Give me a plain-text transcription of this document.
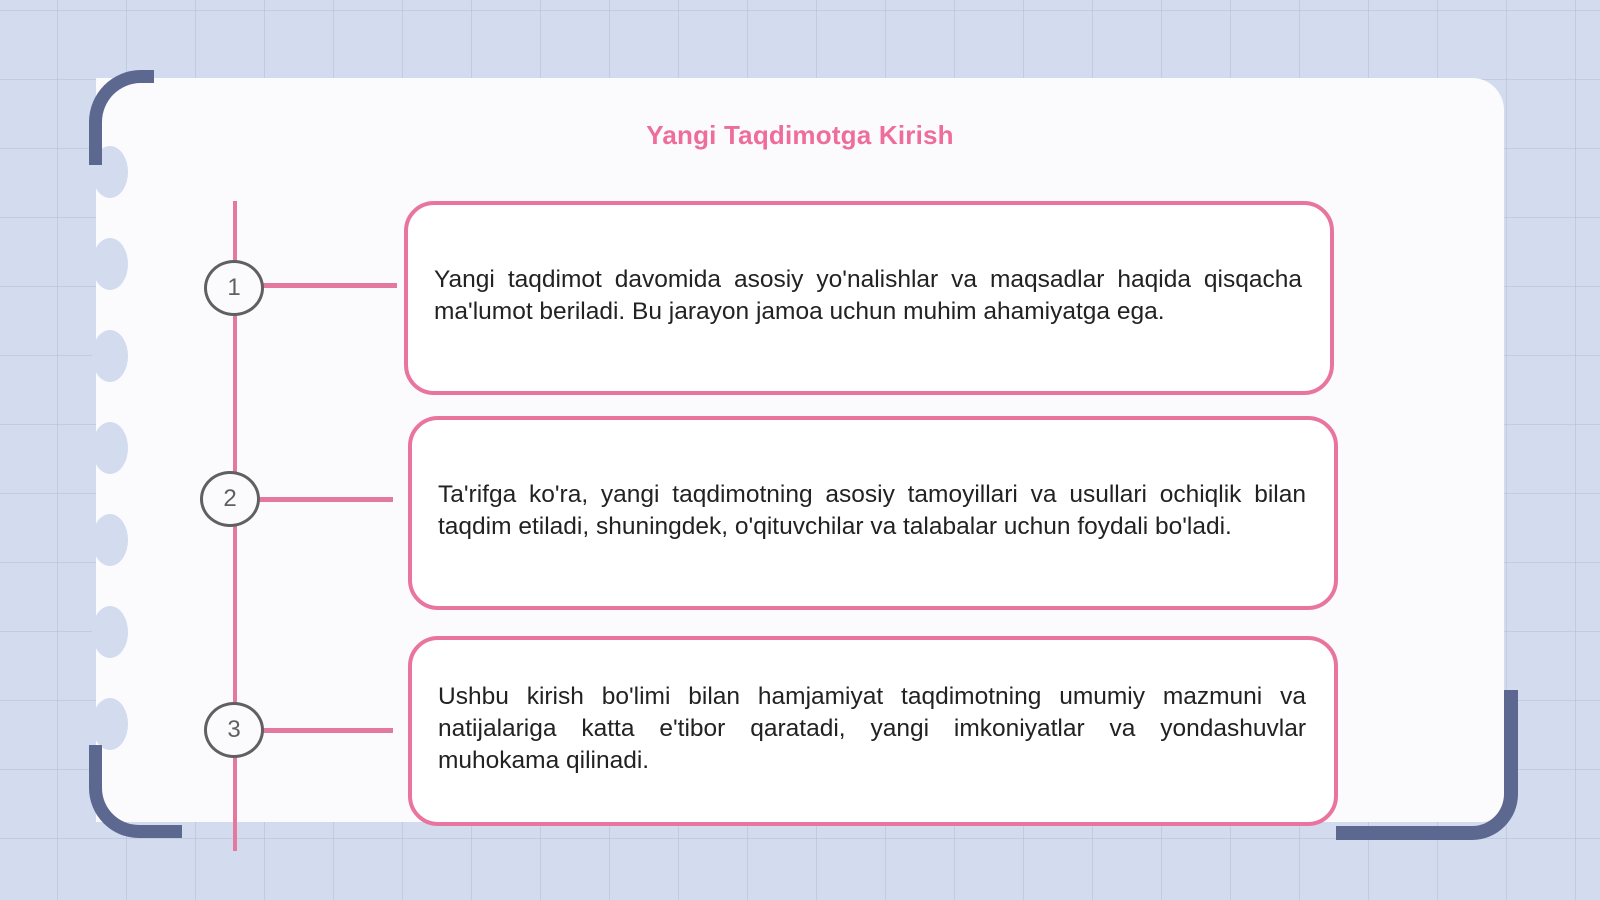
Yangi Taqdimotga Kirish
1	Yangi taqdimot davomida asosiy yo'nalishlar va maqsadlar haqida qisqacha ma'lumot beriladi. Bu jarayon jamoa uchun muhim ahamiyatga ega.

2	Ta'rifga ko'ra, yangi taqdimotning asosiy tamoyillari va usullari ochiqlik bilan taqdim etiladi, shuningdek, o'qituvchilar va talabalar uchun foydali bo'ladi.

3

Ushbu kirish bo'limi bilan hamjamiyat taqdimotning umumiy mazmuni va natijalariga katta e'tibor qaratadi, yangi imkoniyatlar va yondashuvlar muhokama qilinadi.
